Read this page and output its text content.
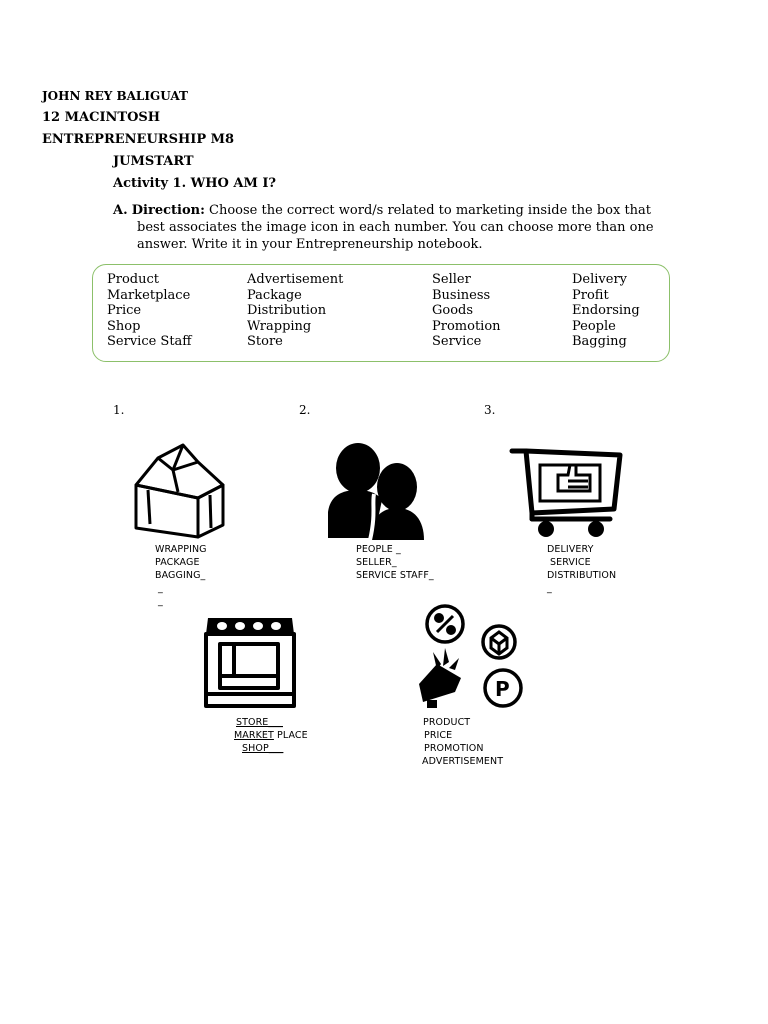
JOHN REY BALIGUAT
12 MACINTOSH
ENTREPRENEURSHIP M8
JUMSTART
Activity 1. WHO AM I?
A. Direction: Choose the correct word/s related to marketing inside the box that best associates the image icon in each number. You can choose more than one answer. Write it in your Entrepreneurship notebook.
Product
Marketplace
Price
Shop
Service Staff
Advertisement
Package
Distribution
Wrapping
Store
Seller
Business
Goods
Promotion
Service
Delivery
Profit
Endorsing
People
Bagging
1.	2.	3.
P
WRAPPING
PACKAGE
BAGGING_
_
_
PEOPLE _
SELLER_
SERVICE STAFF_
DELIVERY
SERVICE
DISTRIBUTION
_
STORE___
MARKET PLACE
SHOP___
PRODUCT
PRICE
PROMOTION
ADVERTISEMENT
